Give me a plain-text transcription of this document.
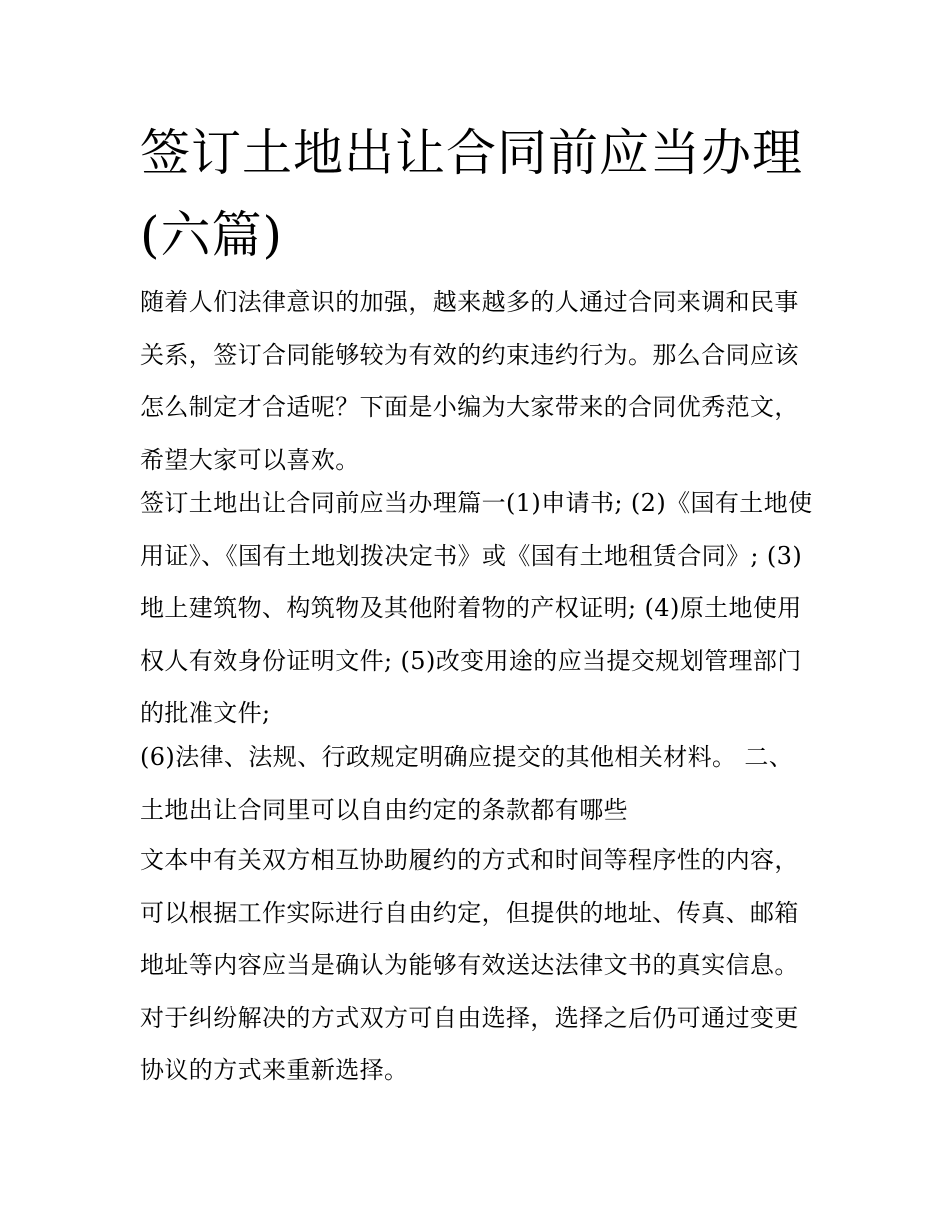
签订土地出让合同前应当办理(六篇)

随着人们法律意识的加强，越来越多的人通过合同来调和民事关系，签订合同能够较为有效的约束违约行为。那么合同应该怎么制定才合适呢？下面是小编为大家带来的合同优秀范文，希望大家可以喜欢。

签订土地出让合同前应当办理篇一(1)申请书; (2)《国有土地使用证》、《国有土地划拨决定书》或《国有土地租赁合同》; (3)地上建筑物、构筑物及其他附着物的产权证明; (4)原土地使用权人有效身份证明文件; (5)改变用途的应当提交规划管理部门的批准文件;

(6)法律、法规、行政规定明确应提交的其他相关材料。 二、土地出让合同里可以自由约定的条款都有哪些

文本中有关双方相互协助履约的方式和时间等程序性的内容，可以根据工作实际进行自由约定，但提供的地址、传真、邮箱地址等内容应当是确认为能够有效送达法律文书的真实信息。对于纠纷解决的方式双方可自由选择，选择之后仍可通过变更协议的方式来重新选择。
